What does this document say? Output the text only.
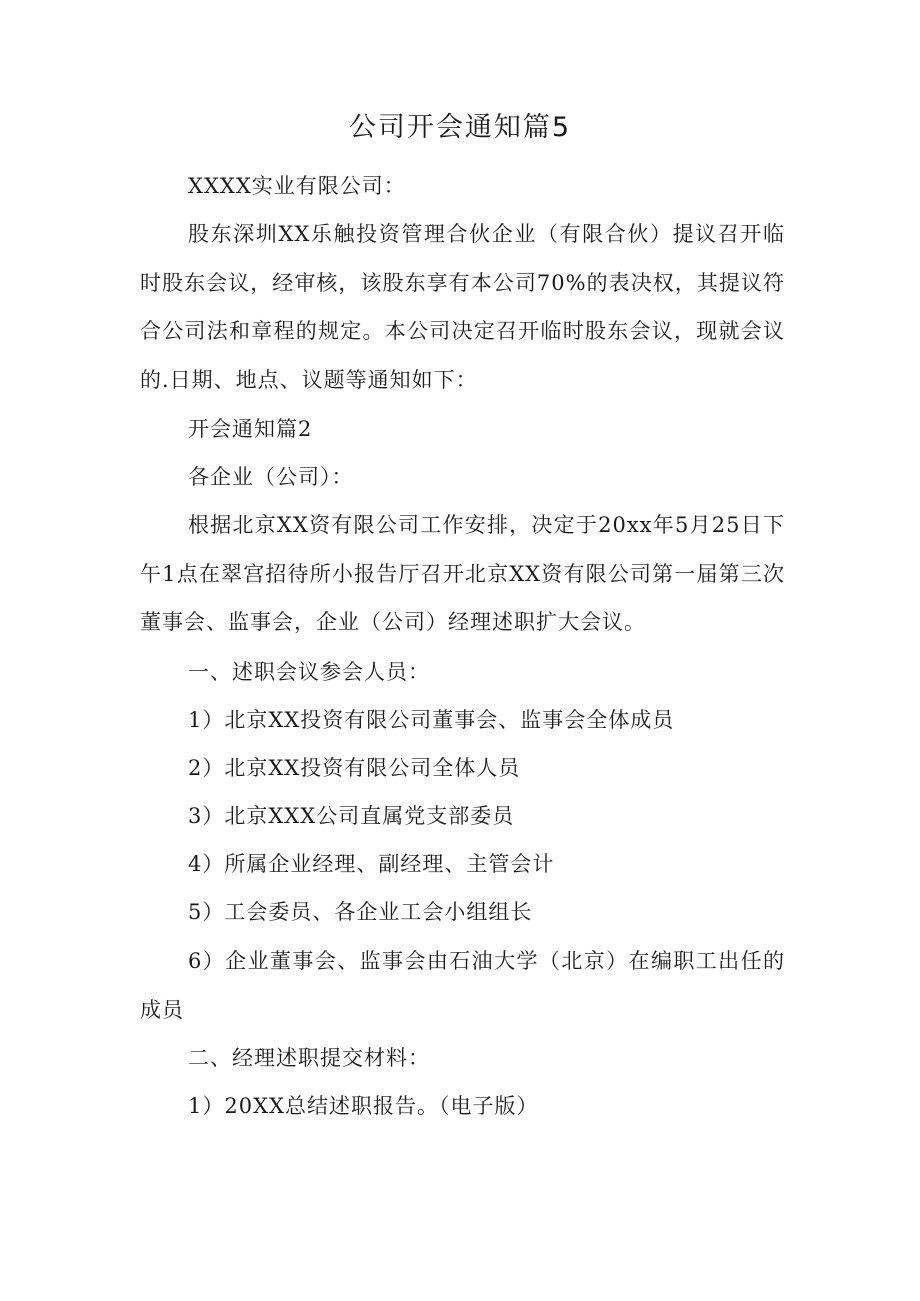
公司开会通知篇5

XXXX实业有限公司：

股东深圳XX乐触投资管理合伙企业（有限合伙）提议召开临时股东会议，经审核，该股东享有本公司70%的表决权，其提议符合公司法和章程的规定。本公司决定召开临时股东会议，现就会议的.日期、地点、议题等通知如下：

开会通知篇2

各企业（公司）：

根据北京XX资有限公司工作安排，决定于20xx年5月25日下午1点在翠宫招待所小报告厅召开北京XX资有限公司第一届第三次董事会、监事会，企业（公司）经理述职扩大会议。

一、述职会议参会人员：

1）北京XX投资有限公司董事会、监事会全体成员

2）北京XX投资有限公司全体人员

3）北京XXX公司直属党支部委员

4）所属企业经理、副经理、主管会计

5）工会委员、各企业工会小组组长

6）企业董事会、监事会由石油大学（北京）在编职工出任的成员

二、经理述职提交材料：

1）20XX总结述职报告。（电子版）
